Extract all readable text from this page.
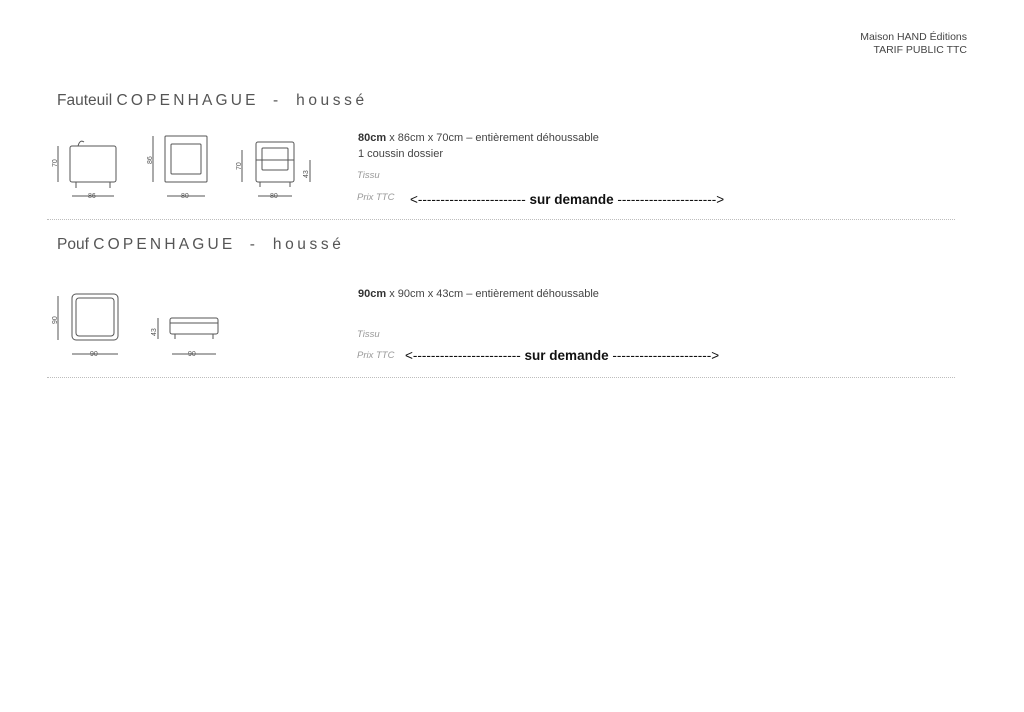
Maison HAND Éditions
TARIF PUBLIC TTC
Fauteuil COPENHAGUE - houssé
70
86
86
80
70
43
80
80cm x 86cm x 70cm – entièrement déhoussable
1 coussin dossier
Tissu
Prix TTC <------------------------ sur demande ---------------------->
Pouf COPENHAGUE - houssé
90
90
43
90
90cm x 90cm x 43cm – entièrement déhoussable
Tissu
Prix TTC <------------------------ sur demande ---------------------->
